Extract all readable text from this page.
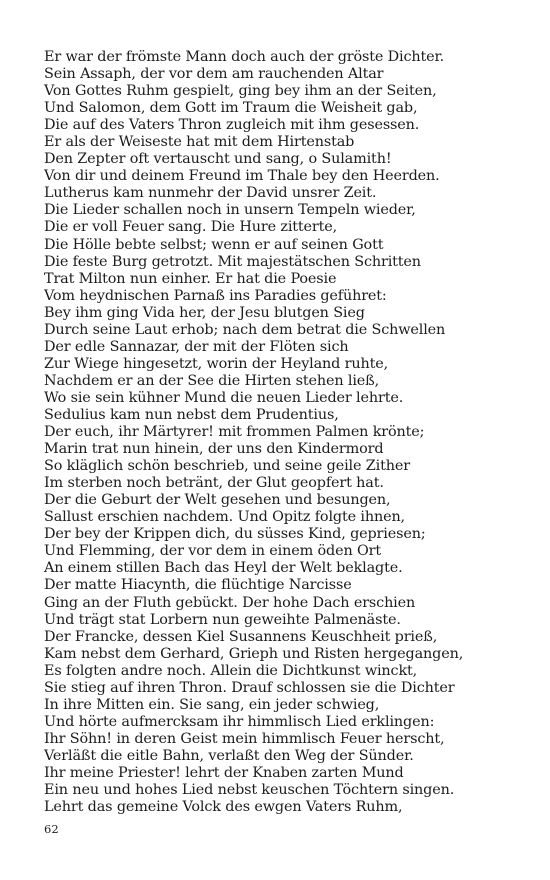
Er war der frömste Mann doch auch der gröste Dichter.
Sein Assaph, der vor dem am rauchenden Altar
Von Gottes Ruhm gespielt, ging bey ihm an der Seiten,
Und Salomon, dem Gott im Traum die Weisheit gab,
Die auf des Vaters Thron zugleich mit ihm gesessen.
Er als der Weiseste hat mit dem Hirtenstab
Den Zepter oft vertauscht und sang, o Sulamith!
Von dir und deinem Freund im Thale bey den Heerden.
Lutherus kam nunmehr der David unsrer Zeit.
Die Lieder schallen noch in unsern Tempeln wieder,
Die er voll Feuer sang. Die Hure zitterte,
Die Hölle bebte selbst; wenn er auf seinen Gott
Die feste Burg getrotzt. Mit majestätschen Schritten
Trat Milton nun einher. Er hat die Poesie
Vom heydnischen Parnaß ins Paradies geführet:
Bey ihm ging Vida her, der Jesu blutgen Sieg
Durch seine Laut erhob; nach dem betrat die Schwellen
Der edle Sannazar, der mit der Flöten sich
Zur Wiege hingesetzt, worin der Heyland ruhte,
Nachdem er an der See die Hirten stehen ließ,
Wo sie sein kühner Mund die neuen Lieder lehrte.
Sedulius kam nun nebst dem Prudentius,
Der euch, ihr Märtyrer! mit frommen Palmen krönte;
Marin trat nun hinein, der uns den Kindermord
So kläglich schön beschrieb, und seine geile Zither
Im sterben noch betränt, der Glut geopfert hat.
Der die Geburt der Welt gesehen und besungen,
Sallust erschien nachdem. Und Opitz folgte ihnen,
Der bey der Krippen dich, du süsses Kind, gepriesen;
Und Flemming, der vor dem in einem öden Ort
An einem stillen Bach das Heyl der Welt beklagte.
Der matte Hiacynth, die flüchtige Narcisse
Ging an der Fluth gebückt. Der hohe Dach erschien
Und trägt stat Lorbern nun geweihte Palmenäste.
Der Francke, dessen Kiel Susannens Keuschheit prieß,
Kam nebst dem Gerhard, Grieph und Risten hergegangen,
Es folgten andre noch. Allein die Dichtkunst winckt,
Sie stieg auf ihren Thron. Drauf schlossen sie die Dichter
In ihre Mitten ein. Sie sang, ein jeder schwieg,
Und hörte aufmercksam ihr himmlisch Lied erklingen:
Ihr Söhn! in deren Geist mein himmlisch Feuer herscht,
Verläßt die eitle Bahn, verlaßt den Weg der Sünder.
Ihr meine Priester! lehrt der Knaben zarten Mund
Ein neu und hohes Lied nebst keuschen Töchtern singen.
Lehrt das gemeine Volck des ewgen Vaters Ruhm,
62
